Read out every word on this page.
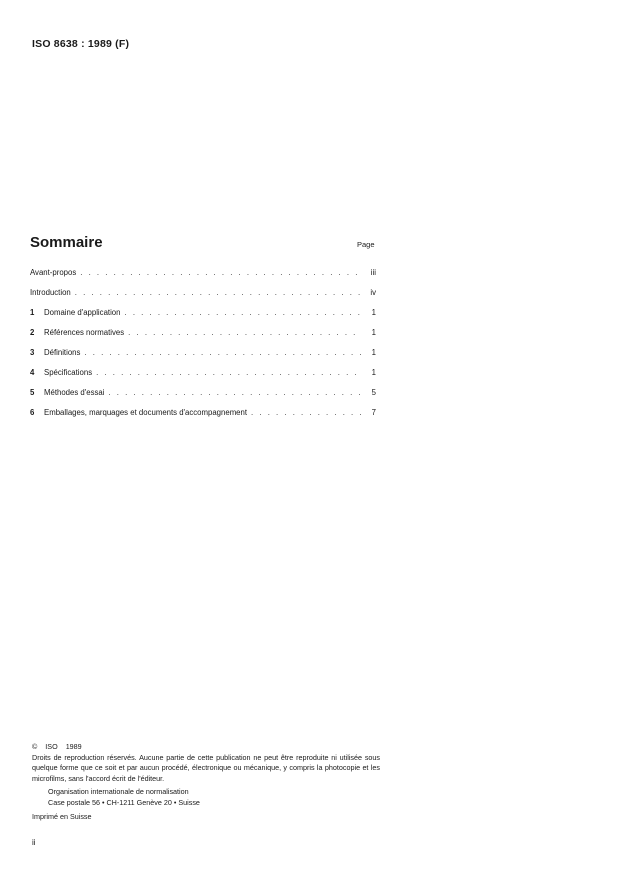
ISO 8638 : 1989 (F)
Sommaire	Page
Avant-propos . . .	iii
Introduction . . .	iv
1	Domaine d'application . . .	1
2	Références normatives . . .	1
3	Définitions . . .	1
4	Spécifications . . .	1
5	Méthodes d'essai . . .	5
6	Emballages, marquages et documents d'accompagnement . . .	7
© ISO 1989
Droits de reproduction réservés. Aucune partie de cette publication ne peut être reproduite ni utilisée sous quelque forme que ce soit et par aucun procédé, électronique ou mécanique, y compris la photocopie et les microfilms, sans l'accord écrit de l'éditeur.
Organisation internationale de normalisation
Case postale 56 • CH-1211 Genève 20 • Suisse
Imprimé en Suisse
ii
